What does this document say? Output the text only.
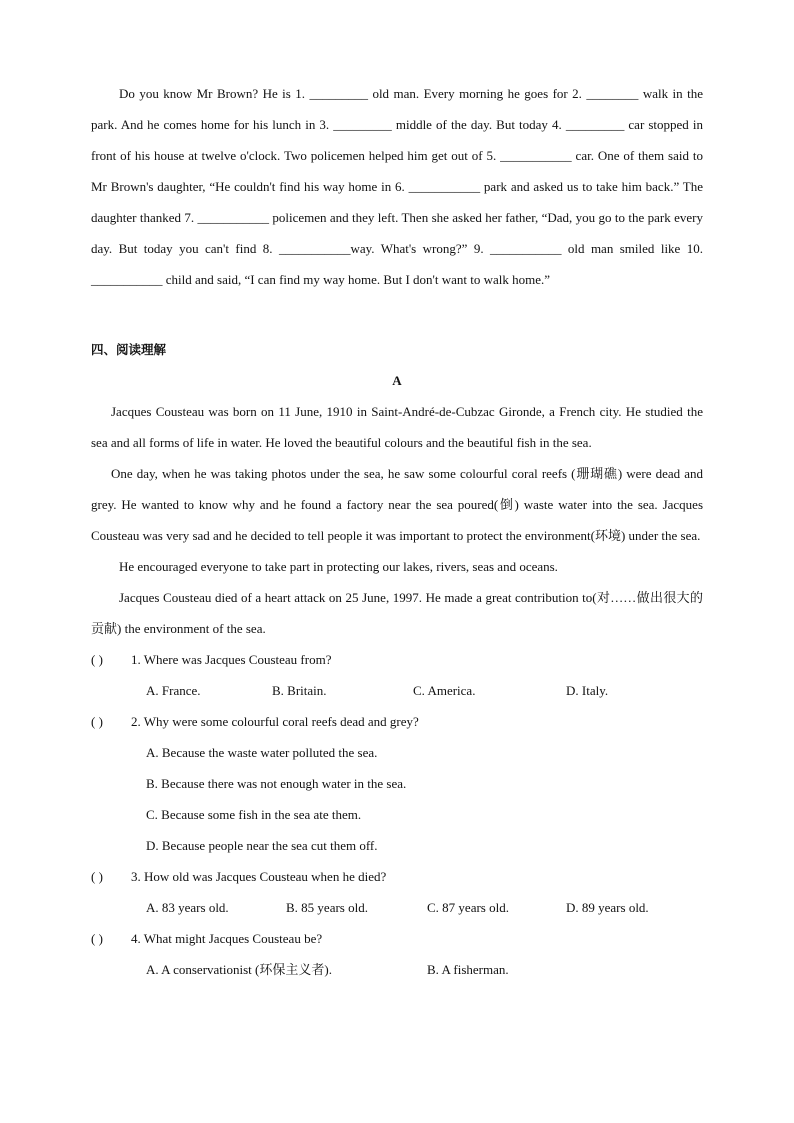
Do you know Mr Brown? He is 1. _________ old man. Every morning he goes for 2. ________ walk in the park. And he comes home for his lunch in 3. _________ middle of the day. But today 4. _________ car stopped in front of his house at twelve o'clock. Two policemen helped him get out of 5. ___________ car. One of them said to Mr Brown's daughter, “He couldn't find his way home in 6. ___________ park and asked us to take him back.” The daughter thanked 7. ___________ policemen and they left. Then she asked her father, “Dad, you go to the park every day. But today you can't find 8. ___________way. What's wrong?” 9. ___________ old man smiled like 10. ___________ child and said, “I can find my way home. But I don't want to walk home.”

四、阅读理解
A

Jacques Cousteau was born on 11 June, 1910 in Saint-André-de-Cubzac Gironde, a French city. He studied the sea and all forms of life in water. He loved the beautiful colours and the beautiful fish in the sea.

One day, when he was taking photos under the sea, he saw some colourful coral reefs (珊瑚礁) were dead and grey. He wanted to know why and he found a factory near the sea poured(倒) waste water into the sea. Jacques Cousteau was very sad and he decided to tell people it was important to protect the environment(环境) under the sea.

He encouraged everyone to take part in protecting our lakes, rivers, seas and oceans.

Jacques Cousteau died of a heart attack on 25 June, 1997. He made a great contribution to(对……做出很大的贡献) the environment of the sea.

( ) 1. Where was Jacques Cousteau from?
A. France.	B. Britain.	C. America.	D. Italy.
( ) 2. Why were some colourful coral reefs dead and grey?
A. Because the waste water polluted the sea.
B. Because there was not enough water in the sea.
C. Because some fish in the sea ate them.
D. Because people near the sea cut them off.
( ) 3. How old was Jacques Cousteau when he died?
A. 83 years old.	B. 85 years old.	C. 87 years old.	D. 89 years old.
( ) 4. What might Jacques Cousteau be?
A. A conservationist (环保主义者).	B. A fisherman.
